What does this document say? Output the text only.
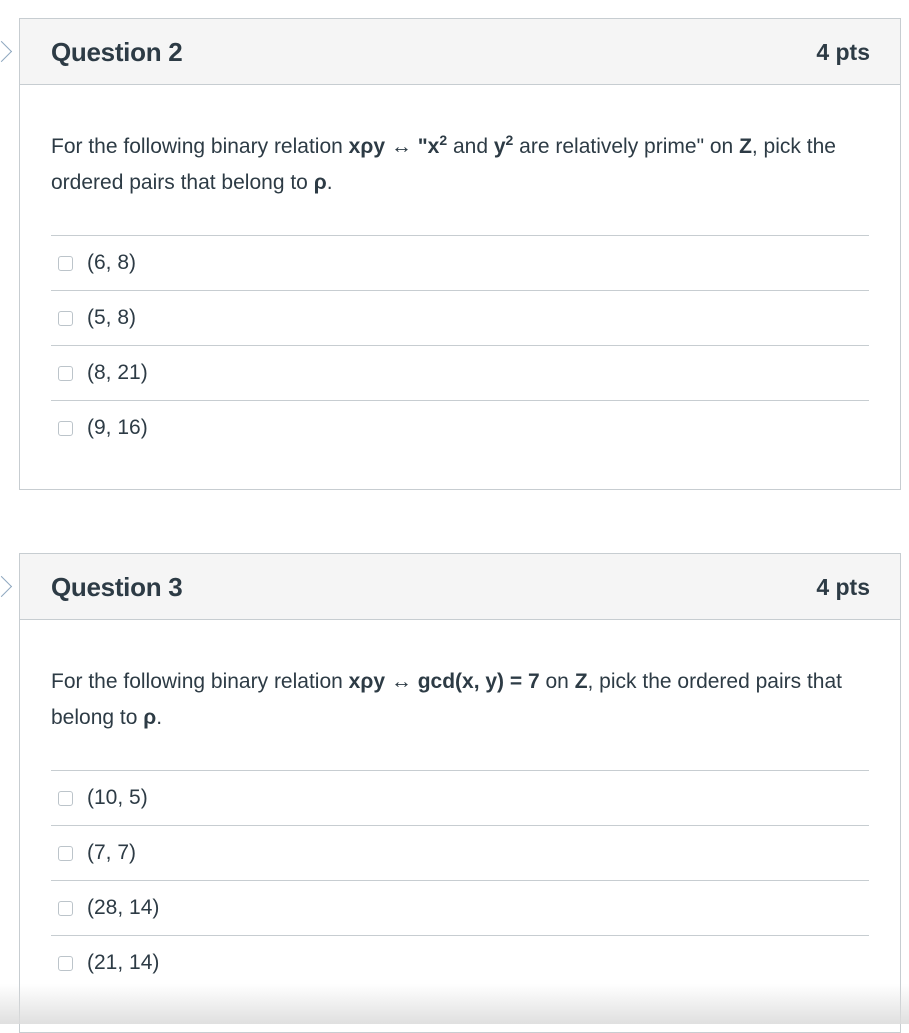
Question 2	4 pts

For the following binary relation xρy ↔ "$x^2$ and $y^2$ are relatively prime" on Z, pick the ordered pairs that belong to ρ.

(6, 8)
(5, 8)
(8, 21)
(9, 16)
Question 3	4 pts

For the following binary relation xρy ↔ gcd(x, y) = 7 on Z, pick the ordered pairs that belong to ρ.

(10, 5)
(7, 7)
(28, 14)
(21, 14)
